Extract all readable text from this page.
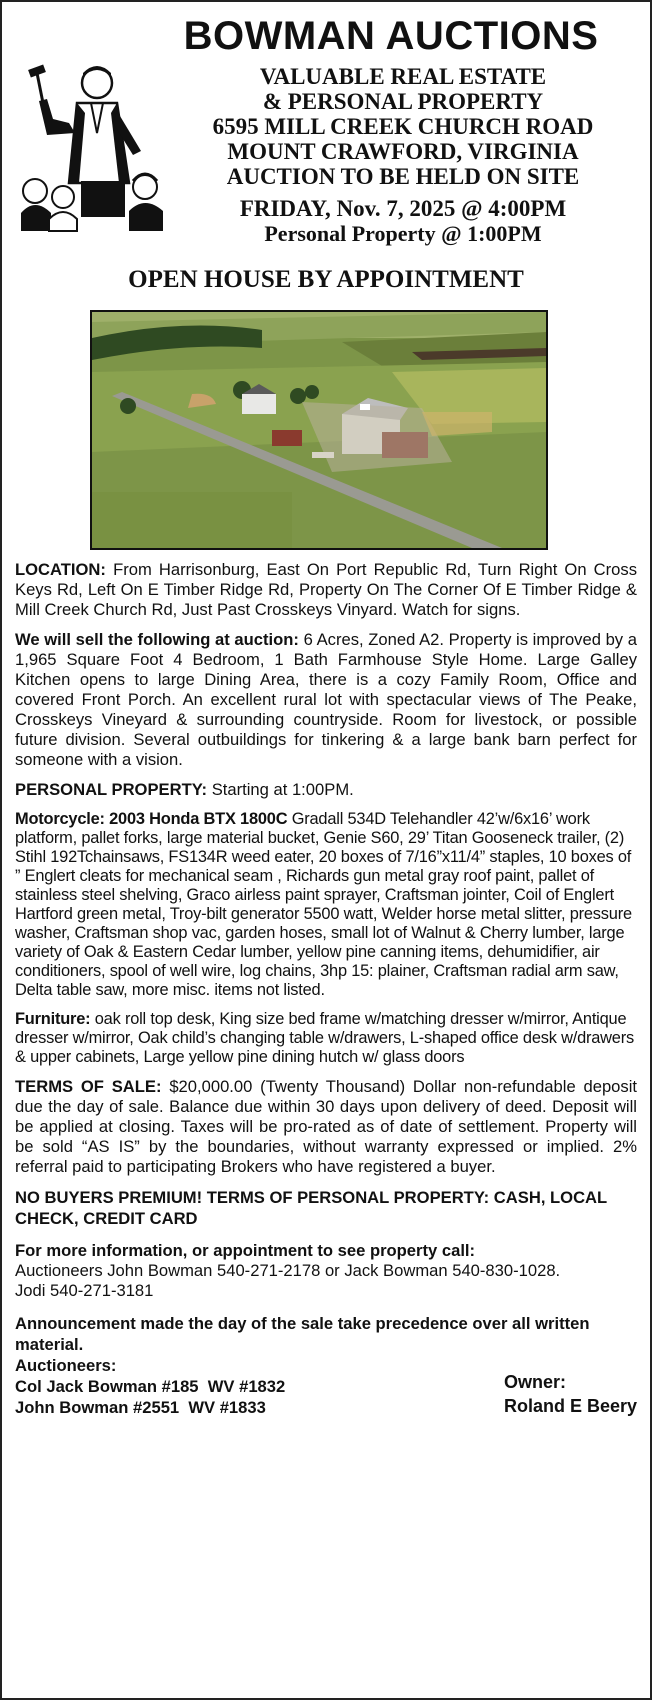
BOWMAN AUCTIONS
VALUABLE REAL ESTATE
& PERSONAL PROPERTY
6595 MILL CREEK CHURCH ROAD
MOUNT CRAWFORD, VIRGINIA
AUCTION TO BE HELD ON SITE
FRIDAY, Nov. 7, 2025 @ 4:00PM
Personal Property @ 1:00PM
OPEN HOUSE BY APPOINTMENT

LOCATION: From Harrisonburg, East On Port Republic Rd, Turn Right On Cross Keys Rd, Left On E Timber Ridge Rd, Property On The Corner Of E Timber Ridge & Mill Creek Church Rd, Just Past Crosskeys Vinyard. Watch for signs.

We will sell the following at auction: 6 Acres, Zoned A2. Property is improved by a 1,965 Square Foot 4 Bedroom, 1 Bath Farmhouse Style Home. Large Galley Kitchen opens to large Dining Area, there is a cozy Family Room, Office and covered Front Porch. An excellent rural lot with spectacular views of The Peake, Crosskeys Vineyard & surrounding countryside. Room for livestock, or possible future division. Several outbuildings for tinkering & a large bank barn perfect for someone with a vision.

PERSONAL PROPERTY: Starting at 1:00PM.

Motorcycle: 2003 Honda BTX 1800C Gradall 534D Telehandler 42’w/6x16’ work platform, pallet forks, large material bucket, Genie S60, 29’ Titan Gooseneck trailer, (2) Stihl 192Tchainsaws, FS134R weed eater, 20 boxes of 7/16”x11/4” staples, 10 boxes of ” Englert cleats for mechanical seam , Richards gun metal gray roof paint, pallet of stainless steel shelving, Graco airless paint sprayer, Craftsman jointer, Coil of Englert Hartford green metal, Troy-bilt generator 5500 watt, Welder horse metal slitter, pressure washer, Craftsman shop vac, garden hoses, small lot of Walnut & Cherry lumber, large variety of Oak & Eastern Cedar lumber, yellow pine canning items, dehumidifier, air conditioners, spool of well wire, log chains, 3hp 15: plainer, Craftsman radial arm saw, Delta table saw, more misc. items not listed.

Furniture: oak roll top desk, King size bed frame w/matching dresser w/mirror, Antique dresser w/mirror, Oak child’s changing table w/drawers, L-shaped office desk w/drawers & upper cabinets, Large yellow pine dining hutch w/ glass doors

TERMS OF SALE: $20,000.00 (Twenty Thousand) Dollar non-refundable deposit due the day of sale. Balance due within 30 days upon delivery of deed. Deposit will be applied at closing. Taxes will be pro-rated as of date of settlement. Property will be sold “AS IS” by the boundaries, without warranty expressed or implied. 2% referral paid to participating Brokers who have registered a buyer.

NO BUYERS PREMIUM! TERMS OF PERSONAL PROPERTY: CASH, LOCAL CHECK, CREDIT CARD

For more information, or appointment to see property call:
Auctioneers John Bowman 540-271-2178 or Jack Bowman 540-830-1028.
Jodi 540-271-3181

Announcement made the day of the sale take precedence over all written material.
Auctioneers:
Col Jack Bowman #185  WV #1832
John Bowman #2551  WV #1833
Owner:
Roland E Beery
